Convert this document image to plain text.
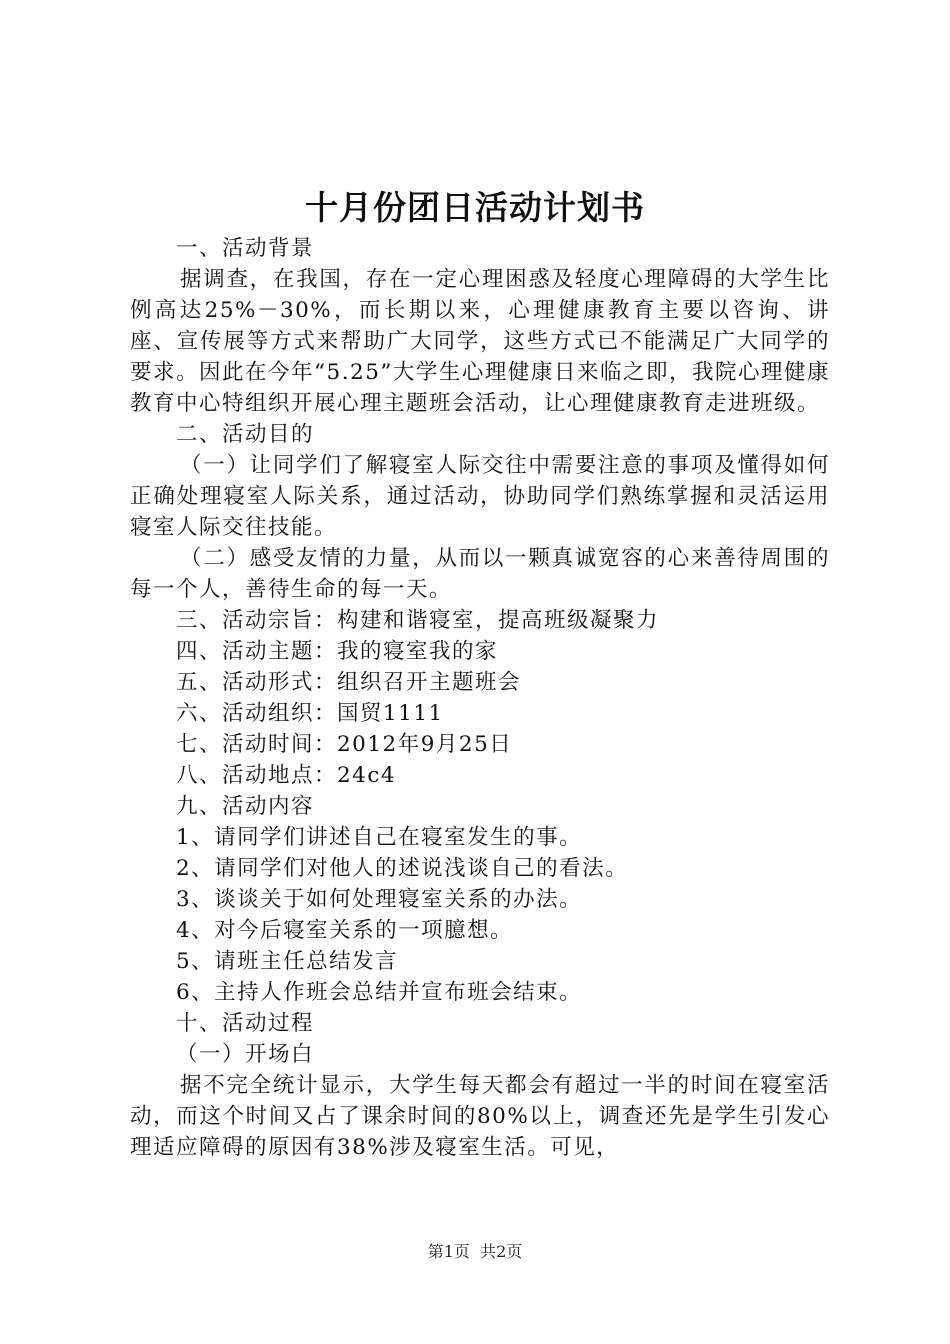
十月份团日活动计划书

一、活动背景

据调查，在我国，存在一定心理困惑及轻度心理障碍的大学生比例高达25%－30%，而长期以来，心理健康教育主要以咨询、讲座、宣传展等方式来帮助广大同学，这些方式已不能满足广大同学的要求。因此在今年“5.25”大学生心理健康日来临之即，我院心理健康教育中心特组织开展心理主题班会活动，让心理健康教育走进班级。

二、活动目的

（一）让同学们了解寝室人际交往中需要注意的事项及懂得如何正确处理寝室人际关系，通过活动，协助同学们熟练掌握和灵活运用寝室人际交往技能。

（二）感受友情的力量，从而以一颗真诚宽容的心来善待周围的每一个人，善待生命的每一天。

三、活动宗旨：构建和谐寝室，提高班级凝聚力

四、活动主题：我的寝室我的家

五、活动形式：组织召开主题班会

六、活动组织：国贸1111

七、活动时间：2012年9月25日

八、活动地点：24c4

九、活动内容

1、请同学们讲述自己在寝室发生的事。

2、请同学们对他人的述说浅谈自己的看法。

3、谈谈关于如何处理寝室关系的办法。

4、对今后寝室关系的一项臆想。

5、请班主任总结发言

6、主持人作班会总结并宣布班会结束。

十、活动过程

（一）开场白

据不完全统计显示，大学生每天都会有超过一半的时间在寝室活动，而这个时间又占了课余时间的80%以上，调查还先是学生引发心理适应障碍的原因有38%涉及寝室生活。可见，

第1页 共2页
